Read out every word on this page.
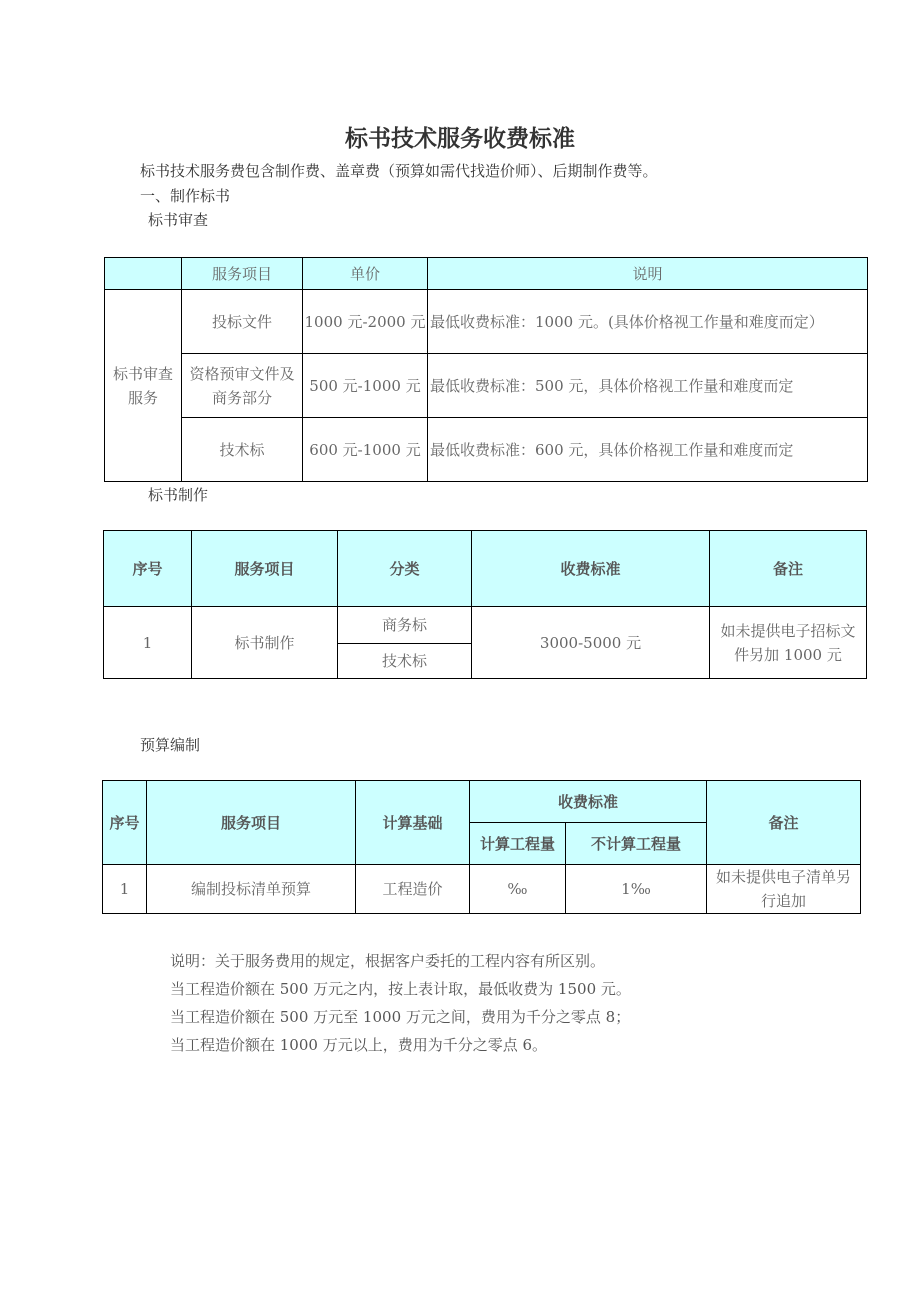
标书技术服务收费标准
标书技术服务费包含制作费、盖章费（预算如需代找造价师）、后期制作费等。
一、制作标书
标书审查
	服务项目	单价	说明
标书审查服务	投标文件	1000 元-2000 元	最低收费标准：1000 元。(具体价格视工作量和难度而定）
	资格预审文件及商务部分	500 元-1000 元	最低收费标准：500 元，具体价格视工作量和难度而定
	技术标	600 元-1000 元	最低收费标准：600 元，具体价格视工作量和难度而定
标书制作
序号	服务项目	分类	收费标准	备注
1	标书制作	商务标	3000-5000 元	如未提供电子招标文件另加 1000 元
		技术标		
预算编制
序号	服务项目	计算基础	收费标准		备注
			计算工程量	不计算工程量	
1	编制投标清单预算	工程造价	‰	1‰	如未提供电子清单另行追加
说明：关于服务费用的规定，根据客户委托的工程内容有所区别。
当工程造价额在 500 万元之内，按上表计取，最低收费为 1500 元。
当工程造价额在 500 万元至 1000 万元之间，费用为千分之零点 8；
当工程造价额在 1000 万元以上，费用为千分之零点 6。
